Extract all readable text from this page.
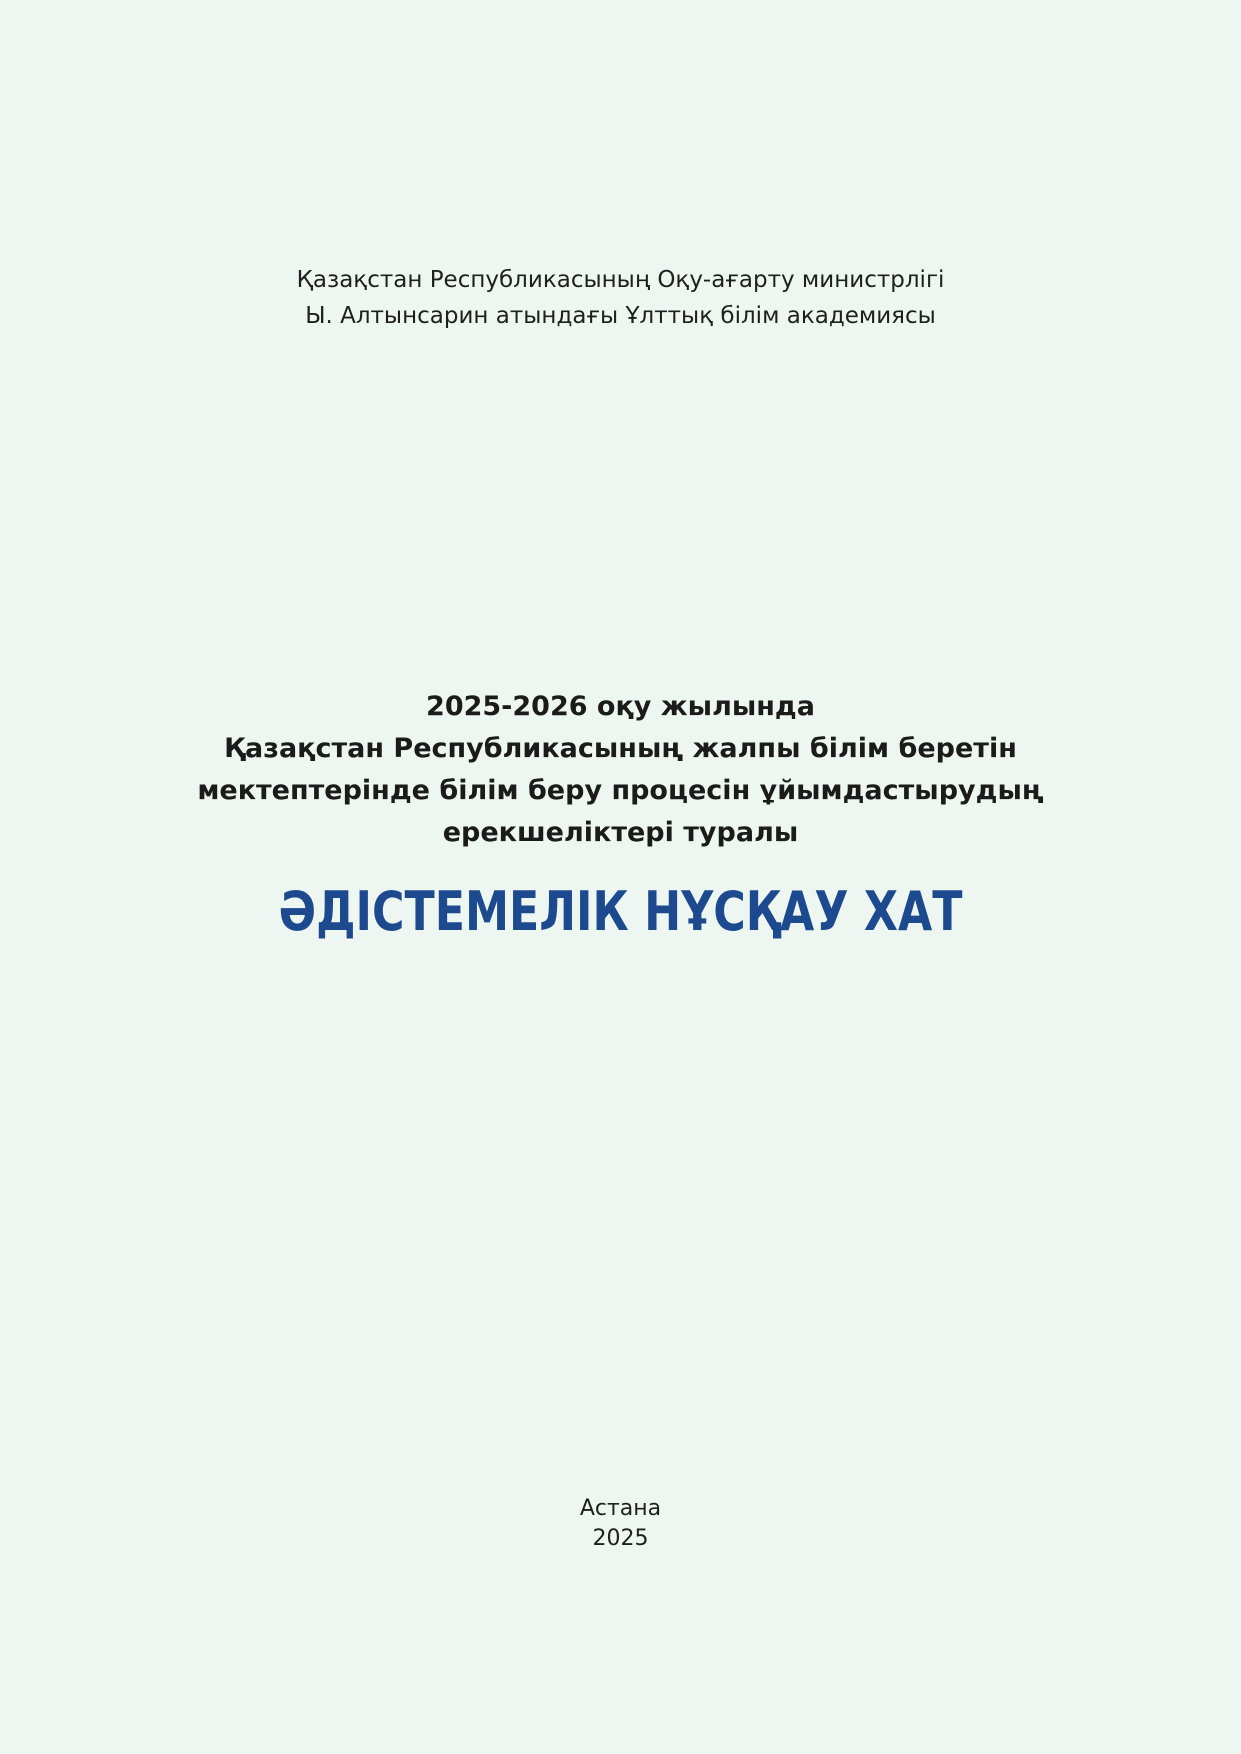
Қазақстан Республикасының Оқу-ағарту министрлігі
Ы. Алтынсарин атындағы Ұлттық білім академиясы
2025-2026 оқу жылында
Қазақстан Республикасының жалпы білім беретін
мектептерінде білім беру процесін ұйымдастырудың
ерекшеліктері туралы
ӘДІСТЕМЕЛІК НҰСҚАУ ХАТ
Астана
2025
